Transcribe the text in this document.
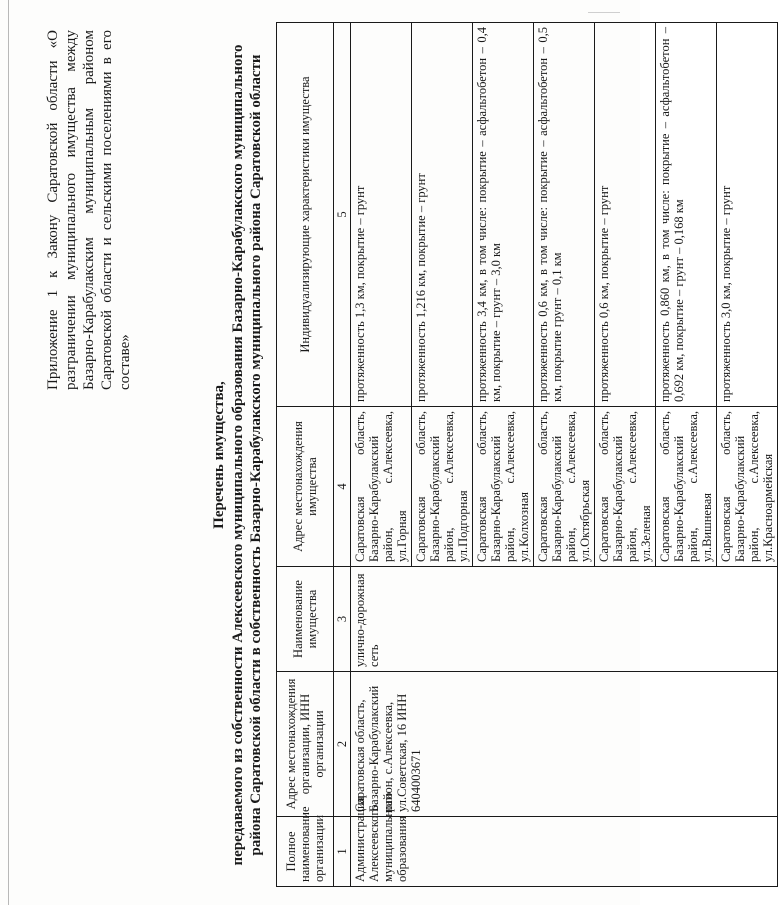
Приложение 1 к Закону Саратовской области «О разграничении муниципального имущества между Базарно-Карабулакским муниципальным районом Саратовской области и сельскими поселениями в его составе»

Перечень имущества, передаваемого из собственности Алексеевского муниципального образования Базарно-Карабулакского муниципального района Саратовской области в собственность Базарно-Карабулакского муниципального района Саратовской области Полное наименование организации	Адрес местонахождения организации, ИНН организации	Наименование имущества	Адрес местонахождения имущества	Индивидуализирующие характеристики имущества
1	2	3	4	5
Администрация Алексеевского муниципального образования	Саратовская область, Базарно-Карабулакский район, с.Алексеевка, ул.Советская, 16 ИНН 6404003671	улично-дорожная сеть	Саратовская область, Базарно-Карабулакский район, с.Алексеевка, ул.Горная	протяженность 1,3 км, покрытие – грунт
			Саратовская область, Базарно-Карабулакский район, с.Алексеевка, ул.Подгорная	протяженность 1,216 км, покрытие – грунт
			Саратовская область, Базарно-Карабулакский район, с.Алексеевка, ул.Колхозная	протяженность 3,4 км, в том числе: покрытие – асфальтобетон – 0,4 км, покрытие – грунт – 3,0 км
			Саратовская область, Базарно-Карабулакский район, с.Алексеевка, ул.Октябрьская	протяженность 0,6 км, в том числе: покрытие – асфальтобетон – 0,5 км, покрытие грунт – 0,1 км
			Саратовская область, Базарно-Карабулакский район, с.Алексеевка, ул.Зеленая	протяженность 0,6 км, покрытие – грунт
			Саратовская область, Базарно-Карабулакский район, с.Алексеевка, ул.Вишневая	протяженность 0,860 км, в том числе: покрытие – асфальтобетон – 0,692 км, покрытие – грунт – 0,168 км
			Саратовская область, Базарно-Карабулакский район, с.Алексеевка, ул.Красноармейская	протяженность 3,0 км, покрытие – грунт
